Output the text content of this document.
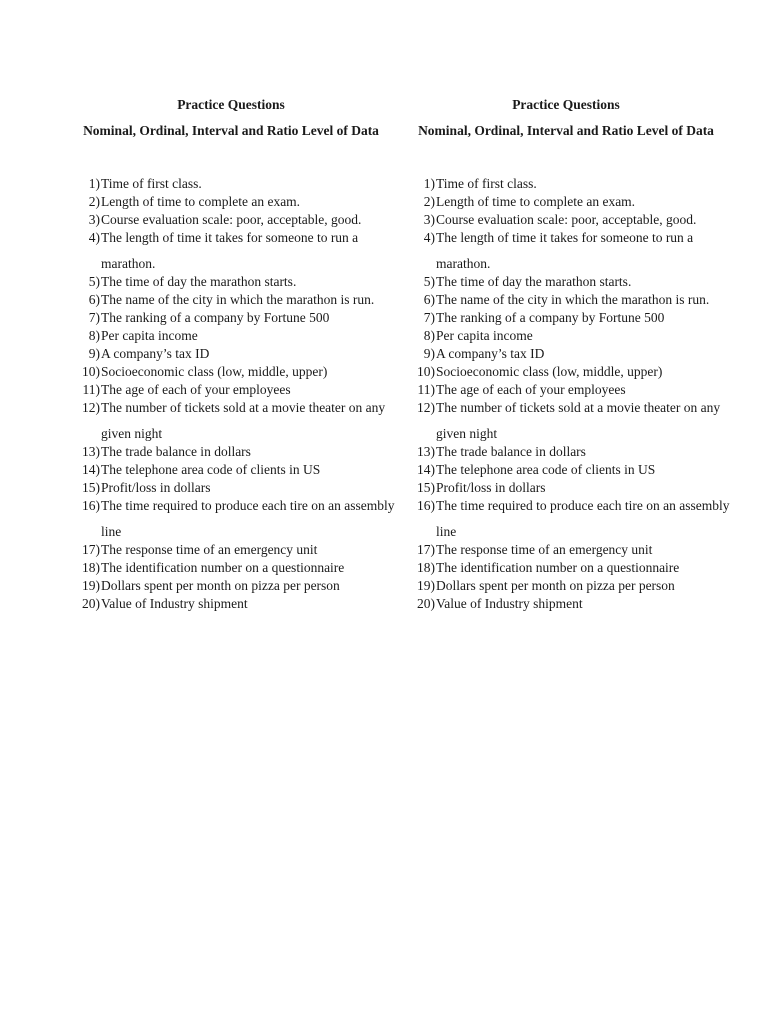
Practice Questions

Nominal, Ordinal, Interval and Ratio Level of Data

1) Time of first class.
2) Length of time to complete an exam.
3) Course evaluation scale: poor, acceptable, good.
4) The length of time it takes for someone to run a marathon.
5) The time of day the marathon starts.
6) The name of the city in which the marathon is run.
7) The ranking of a company by Fortune 500
8) Per capita income
9) A company’s tax ID
10) Socioeconomic class (low, middle, upper)
11) The age of each of your employees
12) The number of tickets sold at a movie theater on any given night
13) The trade balance in dollars
14) The telephone area code of clients in US
15) Profit/loss in dollars
16) The time required to produce each tire on an assembly line
17) The response time of an emergency unit
18) The identification number on a questionnaire
19) Dollars spent per month on pizza per person
20) Value of Industry shipment

Practice Questions

Nominal, Ordinal, Interval and Ratio Level of Data

1) Time of first class.
2) Length of time to complete an exam.
3) Course evaluation scale: poor, acceptable, good.
4) The length of time it takes for someone to run a marathon.
5) The time of day the marathon starts.
6) The name of the city in which the marathon is run.
7) The ranking of a company by Fortune 500
8) Per capita income
9) A company’s tax ID
10) Socioeconomic class (low, middle, upper)
11) The age of each of your employees
12) The number of tickets sold at a movie theater on any given night
13) The trade balance in dollars
14) The telephone area code of clients in US
15) Profit/loss in dollars
16) The time required to produce each tire on an assembly line
17) The response time of an emergency unit
18) The identification number on a questionnaire
19) Dollars spent per month on pizza per person
20) Value of Industry shipment
